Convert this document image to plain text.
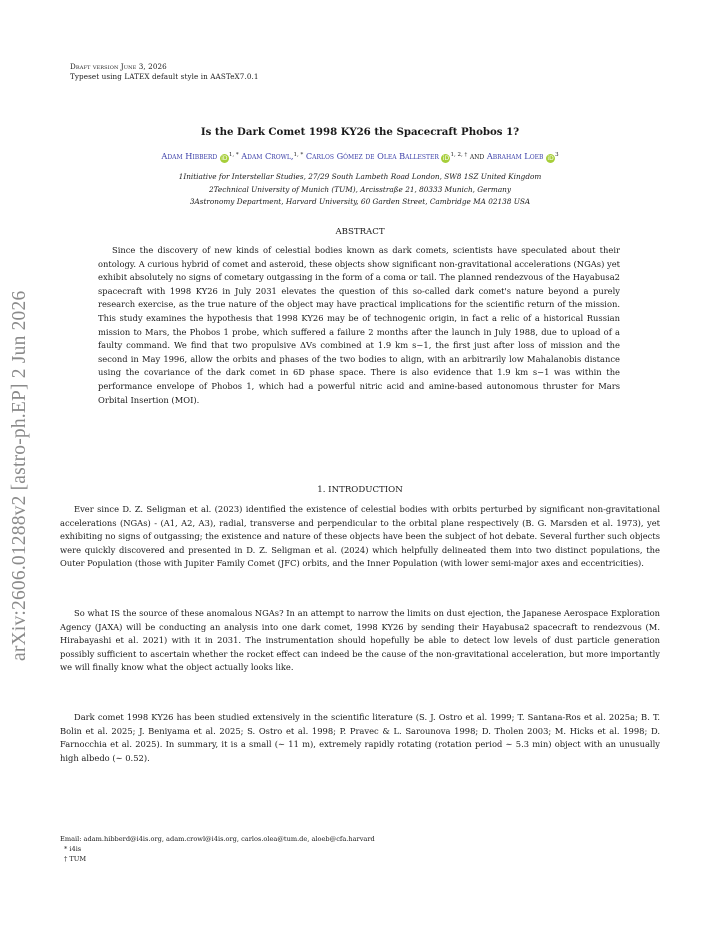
Draft version June 3, 2026
Typeset using LATEX default style in AASTeX7.0.1
arXiv:2606.01288v2 [astro-ph.EP] 2 Jun 2026
Is the Dark Comet 1998 KY26 the Spacecraft Phobos 1?
Adam Hibberd $iD^{1, *}$ Adam Crowl,$^{1, *}$ Carlos Gómez de Olea Ballester $iD^{1, 2, \dagger}$ and Abraham Loeb $iD^3$
1Initiative for Interstellar Studies, 27/29 South Lambeth Road London, SW8 1SZ United Kingdom
2Technical University of Munich (TUM), Arcisstraße 21, 80333 Munich, Germany
3Astronomy Department, Harvard University, 60 Garden Street, Cambridge MA 02138 USA
ABSTRACT
Since the discovery of new kinds of celestial bodies known as dark comets, scientists have speculated about their ontology. A curious hybrid of comet and asteroid, these objects show significant non-gravitational accelerations (NGAs) yet exhibit absolutely no signs of cometary outgassing in the form of a coma or tail. The planned rendezvous of the Hayabusa2 spacecraft with 1998 KY26 in July 2031 elevates the question of this so-called dark comet's nature beyond a purely research exercise, as the true nature of the object may have practical implications for the scientific return of the mission. This study examines the hypothesis that 1998 KY26 may be of technogenic origin, in fact a relic of a historical Russian mission to Mars, the Phobos 1 probe, which suffered a failure 2 months after the launch in July 1988, due to upload of a faulty command. We find that two propulsive ΔVs combined at 1.9 km s−1, the first just after loss of mission and the second in May 1996, allow the orbits and phases of the two bodies to align, with an arbitrarily low Mahalanobis distance using the covariance of the dark comet in 6D phase space. There is also evidence that 1.9 km s−1 was within the performance envelope of Phobos 1, which had a powerful nitric acid and amine-based autonomous thruster for Mars Orbital Insertion (MOI).
1. INTRODUCTION
Ever since D. Z. Seligman et al. (2023) identified the existence of celestial bodies with orbits perturbed by significant non-gravitational accelerations (NGAs) - (A1, A2, A3), radial, transverse and perpendicular to the orbital plane respectively (B. G. Marsden et al. 1973), yet exhibiting no signs of outgassing; the existence and nature of these objects have been the subject of hot debate. Several further such objects were quickly discovered and presented in D. Z. Seligman et al. (2024) which helpfully delineated them into two distinct populations, the Outer Population (those with Jupiter Family Comet (JFC) orbits, and the Inner Population (with lower semi-major axes and eccentricities).
So what IS the source of these anomalous NGAs? In an attempt to narrow the limits on dust ejection, the Japanese Aerospace Exploration Agency (JAXA) will be conducting an analysis into one dark comet, 1998 KY26 by sending their Hayabusa2 spacecraft to rendezvous (M. Hirabayashi et al. 2021) with it in 2031. The instrumentation should hopefully be able to detect low levels of dust particle generation possibly sufficient to ascertain whether the rocket effect can indeed be the cause of the non-gravitational acceleration, but more importantly we will finally know what the object actually looks like.
Dark comet 1998 KY26 has been studied extensively in the scientific literature (S. J. Ostro et al. 1999; T. Santana-Ros et al. 2025a; B. T. Bolin et al. 2025; J. Beniyama et al. 2025; S. Ostro et al. 1998; P. Pravec & L. Sarounova 1998; D. Tholen 2003; M. Hicks et al. 1998; D. Farnocchia et al. 2025). In summary, it is a small (∼ 11 m), extremely rapidly rotating (rotation period ∼ 5.3 min) object with an unusually high albedo (∼ 0.52).
Email: adam.hibberd@i4is.org, adam.crowl@i4is.org, carlos.olea@tum.de, aloeb@cfa.harvard
* i4is
† TUM
